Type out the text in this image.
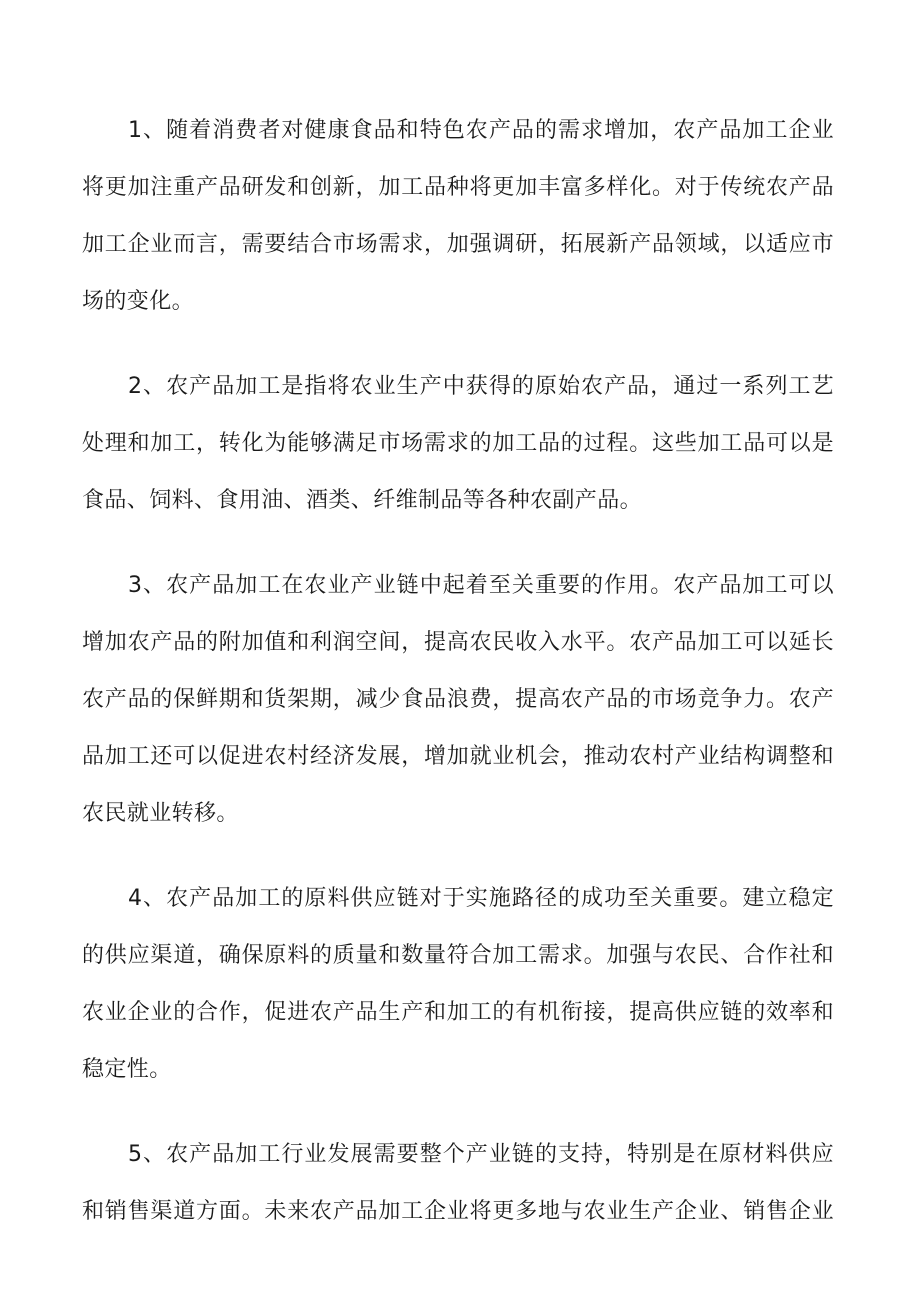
1、随着消费者对健康食品和特色农产品的需求增加，农产品加工企业
将更加注重产品研发和创新，加工品种将更加丰富多样化。对于传统农产品
加工企业而言，需要结合市场需求，加强调研，拓展新产品领域，以适应市
场的变化。
2、农产品加工是指将农业生产中获得的原始农产品，通过一系列工艺
处理和加工，转化为能够满足市场需求的加工品的过程。这些加工品可以是
食品、饲料、食用油、酒类、纤维制品等各种农副产品。
3、农产品加工在农业产业链中起着至关重要的作用。农产品加工可以
增加农产品的附加值和利润空间，提高农民收入水平。农产品加工可以延长
农产品的保鲜期和货架期，减少食品浪费，提高农产品的市场竞争力。农产
品加工还可以促进农村经济发展，增加就业机会，推动农村产业结构调整和
农民就业转移。
4、农产品加工的原料供应链对于实施路径的成功至关重要。建立稳定
的供应渠道，确保原料的质量和数量符合加工需求。加强与农民、合作社和
农业企业的合作，促进农产品生产和加工的有机衔接，提高供应链的效率和
稳定性。
5、农产品加工行业发展需要整个产业链的支持，特别是在原材料供应
和销售渠道方面。未来农产品加工企业将更多地与农业生产企业、销售企业
